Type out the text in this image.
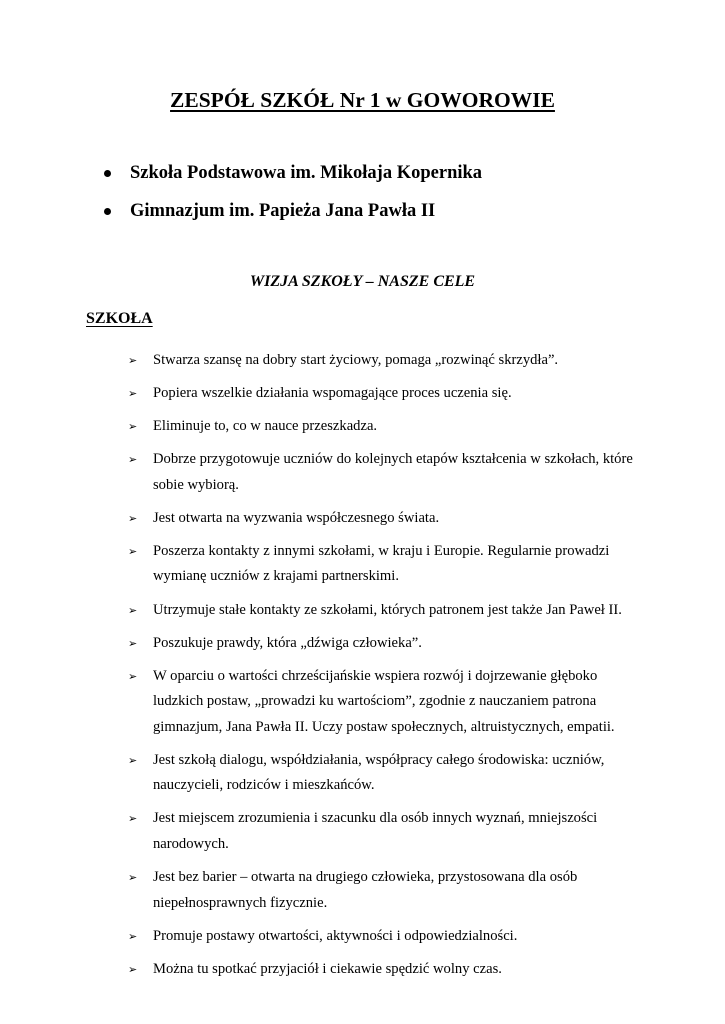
ZESPÓŁ SZKÓŁ Nr 1 w GOWOROWIE
Szkoła Podstawowa im. Mikołaja Kopernika
Gimnazjum im. Papieża Jana Pawła II
WIZJA SZKOŁY – NASZE CELE
SZKOŁA
➢ Stwarza szansę na dobry start życiowy, pomaga „rozwinąć skrzydła”.
➢ Popiera wszelkie działania wspomagające proces uczenia się.
➢ Eliminuje to, co w nauce przeszkadza.
➢ Dobrze przygotowuje uczniów do kolejnych etapów kształcenia w szkołach, które sobie wybiorą.
➢ Jest otwarta na wyzwania współczesnego świata.
➢ Poszerza kontakty z innymi szkołami, w kraju i Europie. Regularnie prowadzi wymianę uczniów z krajami partnerskimi.
➢ Utrzymuje stałe kontakty ze szkołami, których patronem jest także Jan Paweł II.
➢ Poszukuje prawdy, która „dźwiga człowieka”.
➢ W oparciu o wartości chrześcijańskie wspiera rozwój i dojrzewanie głęboko ludzkich postaw, „prowadzi ku wartościom”, zgodnie z nauczaniem patrona gimnazjum, Jana Pawła II. Uczy postaw społecznych, altruistycznych, empatii.
➢ Jest szkołą dialogu, współdziałania, współpracy całego środowiska: uczniów, nauczycieli, rodziców i mieszkańców.
➢ Jest miejscem zrozumienia i szacunku dla osób innych wyznań, mniejszości narodowych.
➢ Jest bez barier – otwarta na drugiego człowieka, przystosowana dla osób niepełnosprawnych fizycznie.
➢ Promuje postawy otwartości, aktywności i odpowiedzialności.
➢ Można tu spotkać przyjaciół i ciekawie spędzić wolny czas.
